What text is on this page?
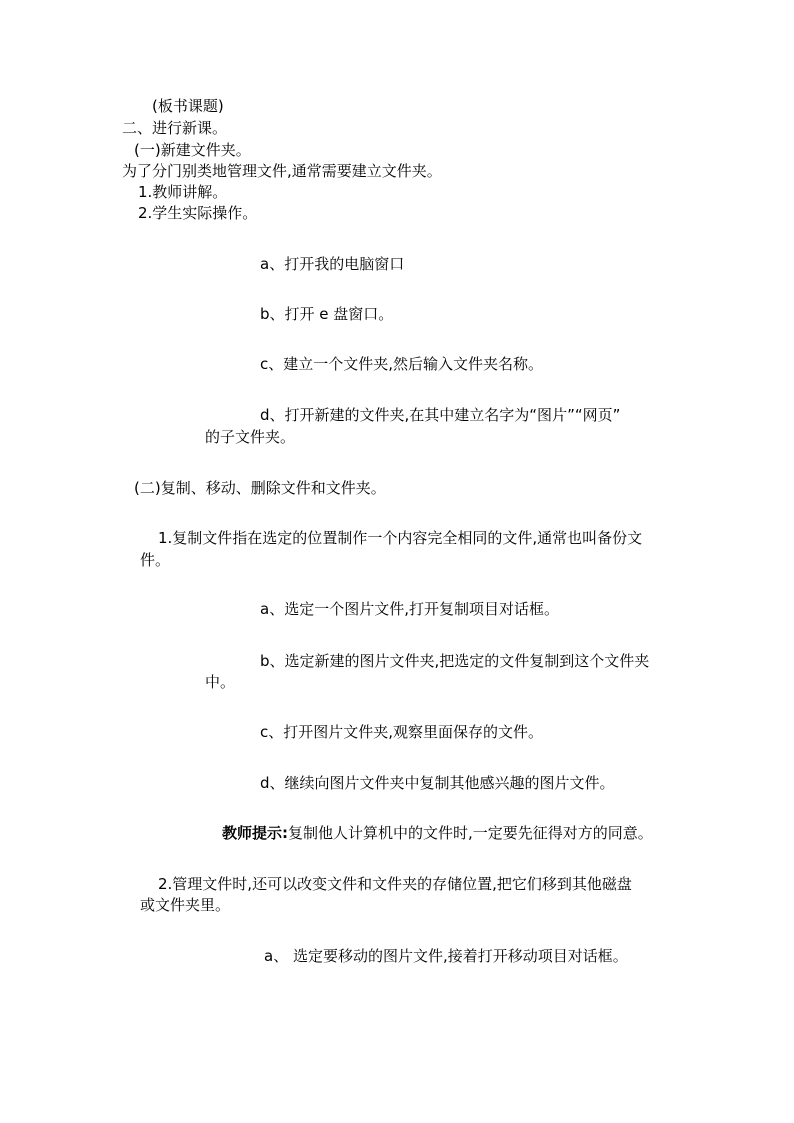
(板书课题)

二、进行新课。

(一)新建文件夹。

为了分门别类地管理文件,通常需要建立文件夹。

1.教师讲解。

2.学生实际操作。

a、打开我的电脑窗口

b、打开 e 盘窗口。

c、建立一个文件夹,然后输入文件夹名称。

d、打开新建的文件夹,在其中建立名字为“图片”“网页”

的子文件夹。

(二)复制、移动、删除文件和文件夹。

1.复制文件指在选定的位置制作一个内容完全相同的文件,通常也叫备份文

件。

a、选定一个图片文件,打开复制项目对话框。

b、选定新建的图片文件夹,把选定的文件复制到这个文件夹

中。

c、打开图片文件夹,观察里面保存的文件。

d、继续向图片文件夹中复制其他感兴趣的图片文件。

教师提示:复制他人计算机中的文件时,一定要先征得对方的同意。

2.管理文件时,还可以改变文件和文件夹的存储位置,把它们移到其他磁盘

或文件夹里。

a、 选定要移动的图片文件,接着打开移动项目对话框。
